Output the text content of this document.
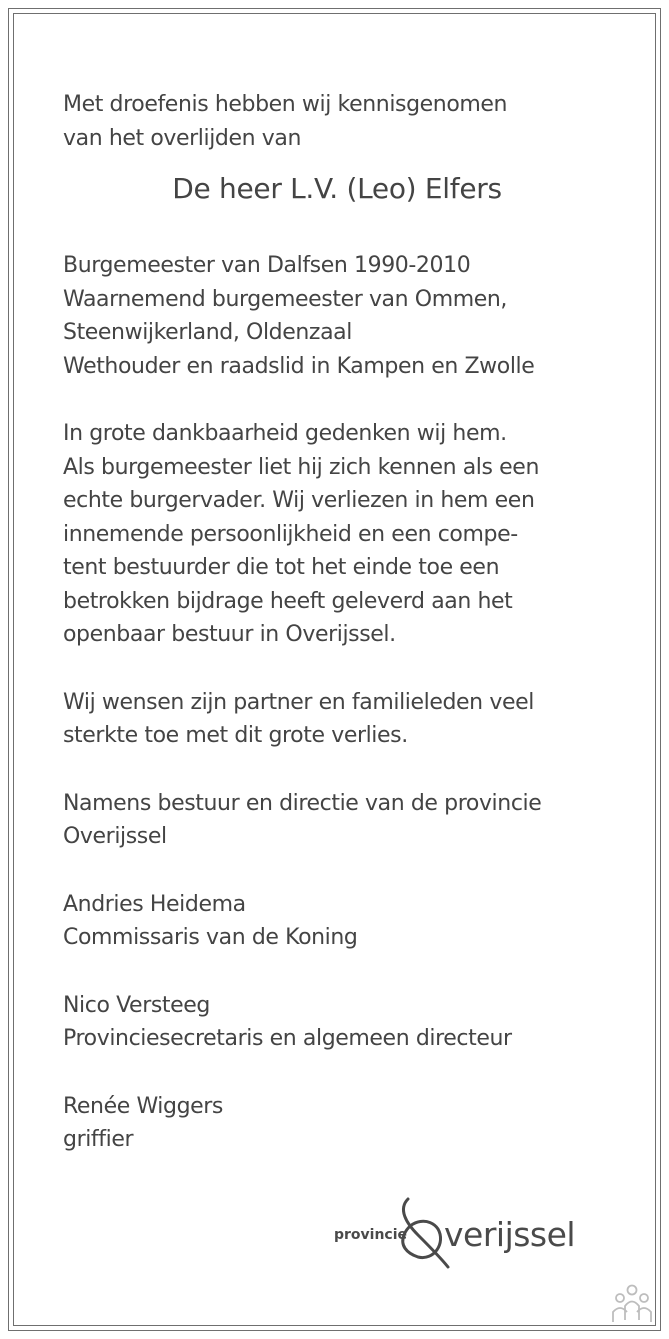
Met droefenis hebben wij kennisgenomen
van het overlijden van

De heer L.V. (Leo) Elfers

Burgemeester van Dalfsen 1990-2010
Waarnemend burgemeester van Ommen,
Steenwijkerland, Oldenzaal
Wethouder en raadslid in Kampen en Zwolle

In grote dankbaarheid gedenken wij hem.
Als burgemeester liet hij zich kennen als een
echte burgervader. Wij verliezen in hem een
innemende persoonlijkheid en een compe-
tent bestuurder die tot het einde toe een
betrokken bijdrage heeft geleverd aan het
openbaar bestuur in Overijssel.

Wij wensen zijn partner en familieleden veel
sterkte toe met dit grote verlies.

Namens bestuur en directie van de provincie
Overijssel

Andries Heidema
Commissaris van de Koning

Nico Versteeg
Provinciesecretaris en algemeen directeur

Renée Wiggers
griffier

provincie verijssel
